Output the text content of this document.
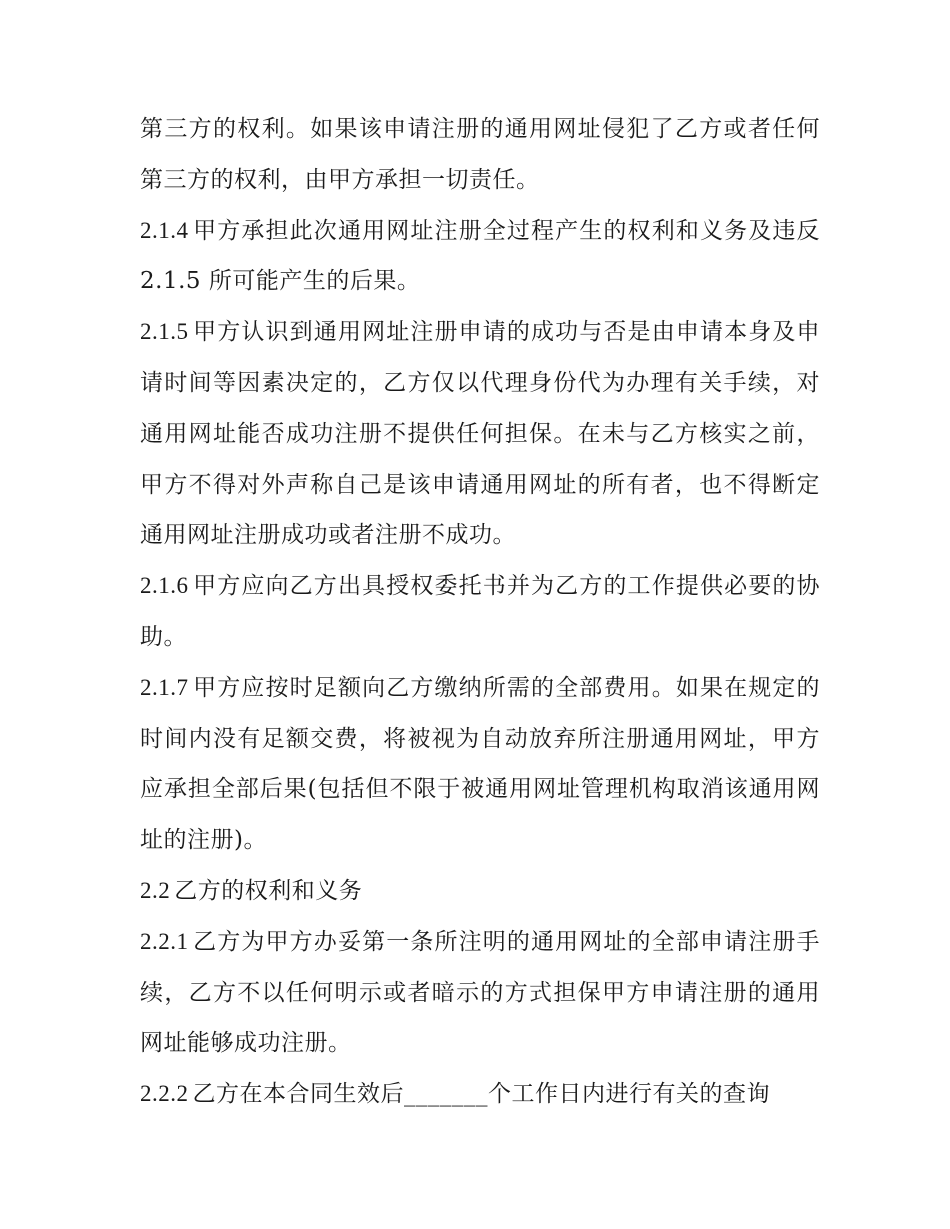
第三方的权利。如果该申请注册的通用网址侵犯了乙方或者任何第三方的权利，由甲方承担一切责任。

2.1.4 甲方承担此次通用网址注册全过程产生的权利和义务及违反 2.1.5 所可能产生的后果。

2.1.5 甲方认识到通用网址注册申请的成功与否是由申请本身及申请时间等因素决定的，乙方仅以代理身份代为办理有关手续，对通用网址能否成功注册不提供任何担保。在未与乙方核实之前，甲方不得对外声称自己是该申请通用网址的所有者，也不得断定通用网址注册成功或者注册不成功。

2.1.6 甲方应向乙方出具授权委托书并为乙方的工作提供必要的协助。

2.1.7 甲方应按时足额向乙方缴纳所需的全部费用。如果在规定的时间内没有足额交费，将被视为自动放弃所注册通用网址，甲方应承担全部后果(包括但不限于被通用网址管理机构取消该通用网址的注册)。

2.2 乙方的权利和义务

2.2.1 乙方为甲方办妥第一条所注明的通用网址的全部申请注册手续，乙方不以任何明示或者暗示的方式担保甲方申请注册的通用网址能够成功注册。

2.2.2 乙方在本合同生效后_______个工作日内进行有关的查询
